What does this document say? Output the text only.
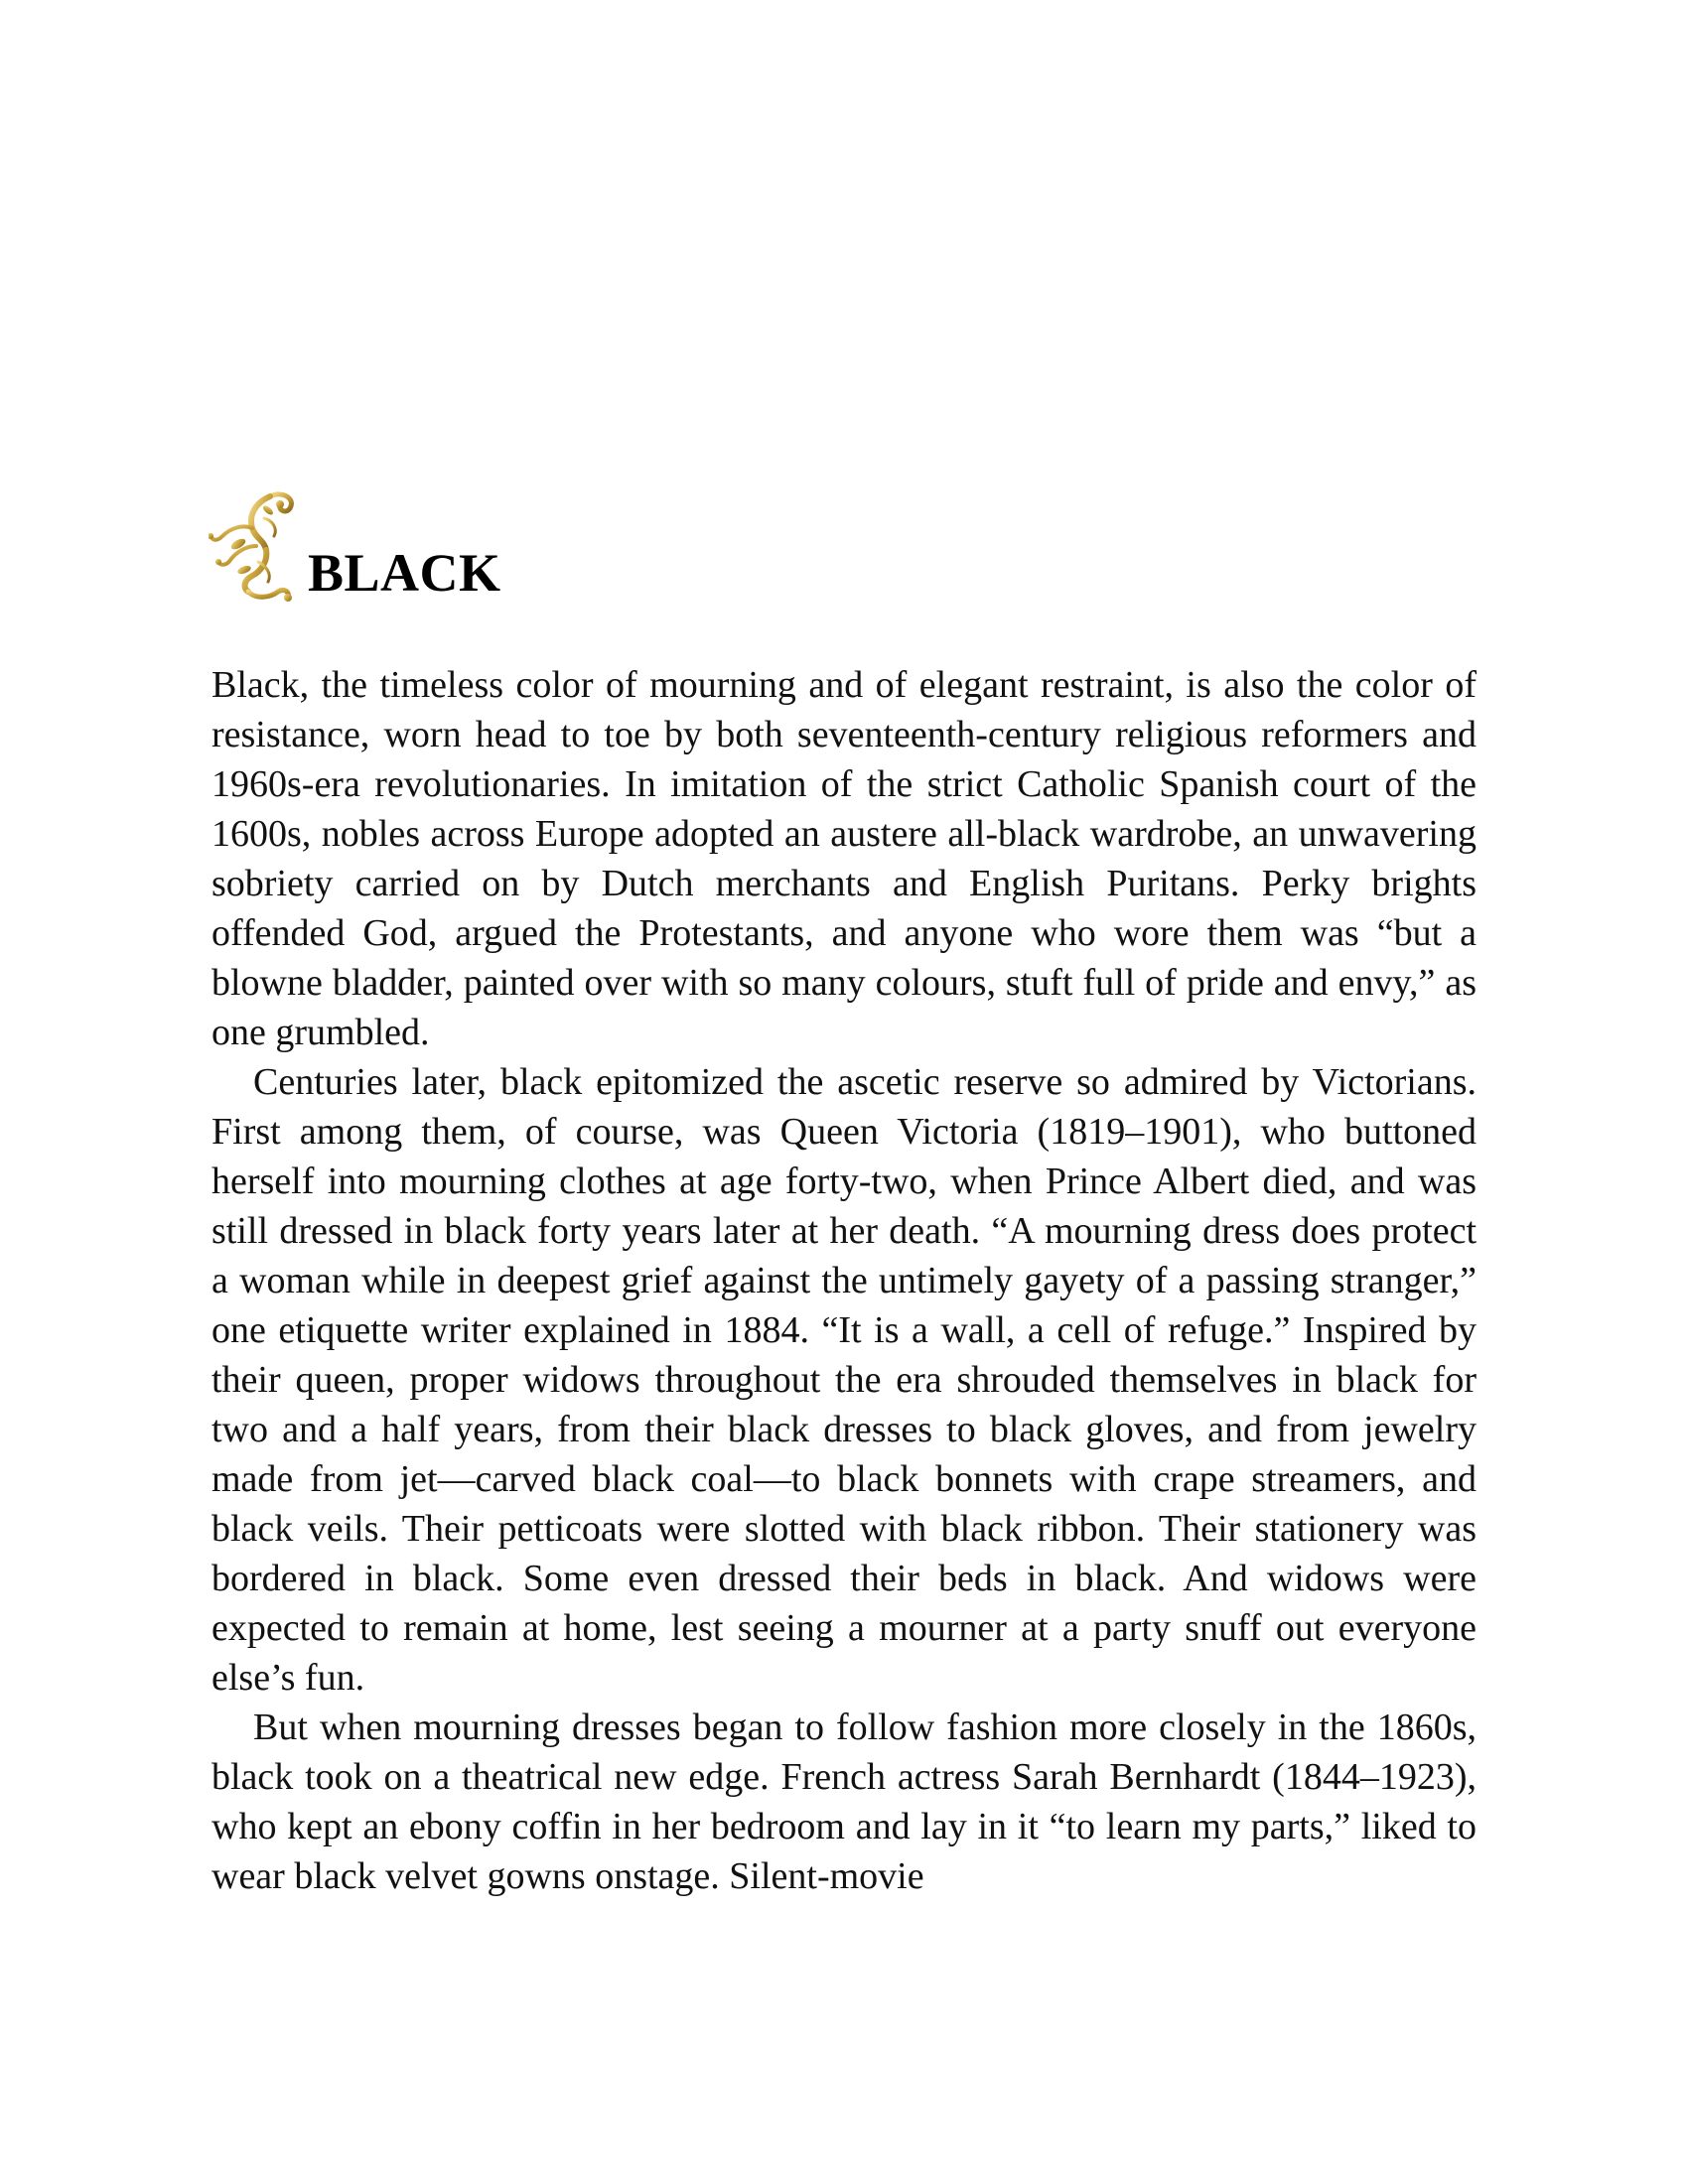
BLACK

Black, the timeless color of mourning and of elegant restraint, is also the color of resistance, worn head to toe by both seventeenth-century religious reformers and 1960s-era revolutionaries. In imitation of the strict Catholic Spanish court of the 1600s, nobles across Europe adopted an austere all-black wardrobe, an unwavering sobriety carried on by Dutch merchants and English Puritans. Perky brights offended God, argued the Protestants, and anyone who wore them was “but a blowne bladder, painted over with so many colours, stuft full of pride and envy,” as one grumbled.

Centuries later, black epitomized the ascetic reserve so admired by Victorians. First among them, of course, was Queen Victoria (1819–1901), who buttoned herself into mourning clothes at age forty-two, when Prince Albert died, and was still dressed in black forty years later at her death. “A mourning dress does protect a woman while in deepest grief against the untimely gayety of a passing stranger,” one etiquette writer explained in 1884. “It is a wall, a cell of refuge.” Inspired by their queen, proper widows throughout the era shrouded themselves in black for two and a half years, from their black dresses to black gloves, and from jewelry made from jet—carved black coal—to black bonnets with crape streamers, and black veils. Their petticoats were slotted with black ribbon. Their stationery was bordered in black. Some even dressed their beds in black. And widows were expected to remain at home, lest seeing a mourner at a party snuff out everyone else’s fun.

But when mourning dresses began to follow fashion more closely in the 1860s, black took on a theatrical new edge. French actress Sarah Bernhardt (1844–1923), who kept an ebony coffin in her bedroom and lay in it “to learn my parts,” liked to wear black velvet gowns onstage. Silent-movie
